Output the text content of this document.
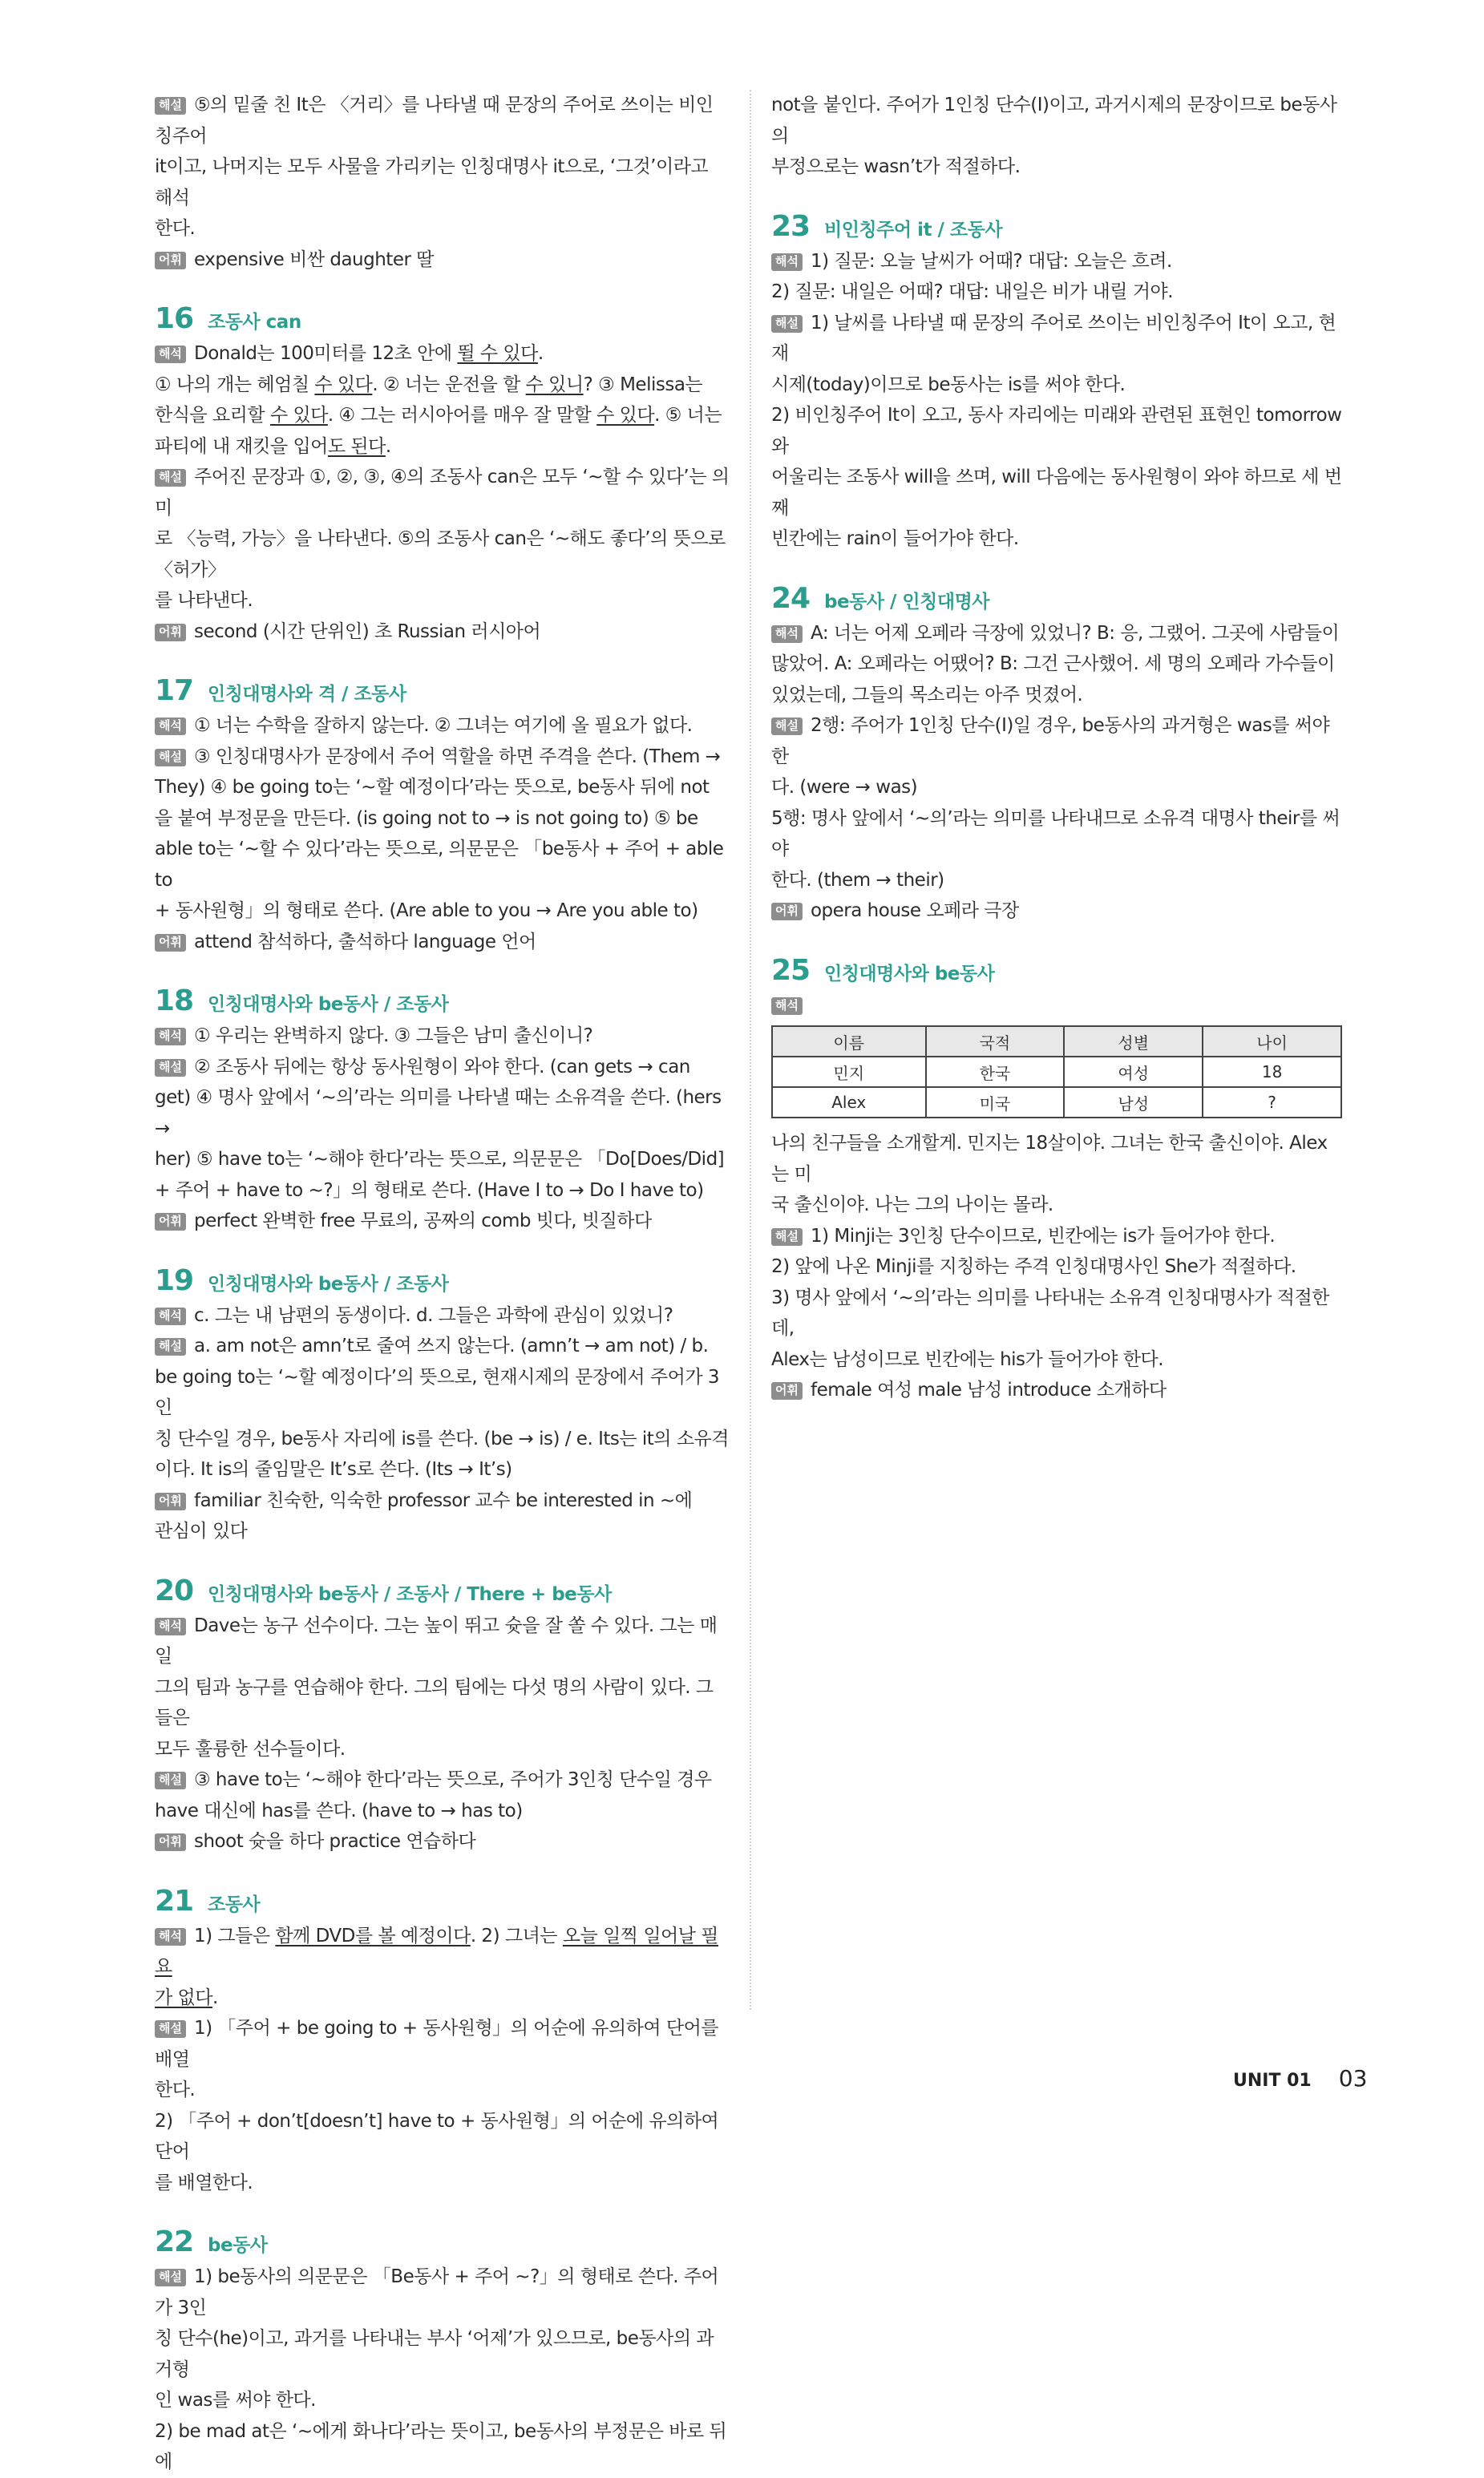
해설 ⑤의 밑줄 친 It은 〈거리〉를 나타낼 때 문장의 주어로 쓰이는 비인칭주어

it이고, 나머지는 모두 사물을 가리키는 인칭대명사 it으로, ‘그것’이라고 해석

한다.

어휘 expensive 비싼 daughter 딸

16 조동사 can

해석 Donald는 100미터를 12초 안에 뛸 수 있다.

① 나의 개는 헤엄칠 수 있다. ② 너는 운전을 할 수 있니? ③ Melissa는

한식을 요리할 수 있다. ④ 그는 러시아어를 매우 잘 말할 수 있다. ⑤ 너는

파티에 내 재킷을 입어도 된다.

해설 주어진 문장과 ①, ②, ③, ④의 조동사 can은 모두 ‘~할 수 있다’는 의미

로 〈능력, 가능〉을 나타낸다. ⑤의 조동사 can은 ‘~해도 좋다’의 뜻으로 〈허가〉

를 나타낸다.

어휘 second (시간 단위인) 초 Russian 러시아어

17 인칭대명사와 격 / 조동사

해석 ① 너는 수학을 잘하지 않는다. ② 그녀는 여기에 올 필요가 없다.

해설 ③ 인칭대명사가 문장에서 주어 역할을 하면 주격을 쓴다. (Them →

They) ④ be going to는 ‘~할 예정이다’라는 뜻으로, be동사 뒤에 not

을 붙여 부정문을 만든다. (is going not to → is not going to) ⑤ be

able to는 ‘~할 수 있다’라는 뜻으로, 의문문은 「be동사 + 주어 + able to

+ 동사원형」의 형태로 쓴다. (Are able to you → Are you able to)

어휘 attend 참석하다, 출석하다 language 언어

18 인칭대명사와 be동사 / 조동사

해석 ① 우리는 완벽하지 않다. ③ 그들은 남미 출신이니?

해설 ② 조동사 뒤에는 항상 동사원형이 와야 한다. (can gets → can

get) ④ 명사 앞에서 ‘~의’라는 의미를 나타낼 때는 소유격을 쓴다. (hers →

her) ⑤ have to는 ‘~해야 한다’라는 뜻으로, 의문문은 「Do[Does/Did]

+ 주어 + have to ~?」의 형태로 쓴다. (Have I to → Do I have to)

어휘 perfect 완벽한 free 무료의, 공짜의 comb 빗다, 빗질하다

19 인칭대명사와 be동사 / 조동사

해석 c. 그는 내 남편의 동생이다. d. 그들은 과학에 관심이 있었니?

해설 a. am not은 amn’t로 줄여 쓰지 않는다. (amn’t → am not) / b.

be going to는 ‘~할 예정이다’의 뜻으로, 현재시제의 문장에서 주어가 3인

칭 단수일 경우, be동사 자리에 is를 쓴다. (be → is) / e. Its는 it의 소유격

이다. It is의 줄임말은 It’s로 쓴다. (Its → It’s)

어휘 familiar 친숙한, 익숙한 professor 교수 be interested in ~에

관심이 있다

20 인칭대명사와 be동사 / 조동사 / There + be동사

해석 Dave는 농구 선수이다. 그는 높이 뛰고 슛을 잘 쏠 수 있다. 그는 매일

그의 팀과 농구를 연습해야 한다. 그의 팀에는 다섯 명의 사람이 있다. 그들은

모두 훌륭한 선수들이다.

해설 ③ have to는 ‘~해야 한다’라는 뜻으로, 주어가 3인칭 단수일 경우

have 대신에 has를 쓴다. (have to → has to)

어휘 shoot 슛을 하다 practice 연습하다

21 조동사

해석 1) 그들은 함께 DVD를 볼 예정이다. 2) 그녀는 오늘 일찍 일어날 필요

가 없다.

해설 1) 「주어 + be going to + 동사원형」의 어순에 유의하여 단어를 배열

한다.

2) 「주어 + don’t[doesn’t] have to + 동사원형」의 어순에 유의하여 단어

를 배열한다.

22 be동사

해설 1) be동사의 의문문은 「Be동사 + 주어 ~?」의 형태로 쓴다. 주어가 3인

칭 단수(he)이고, 과거를 나타내는 부사 ‘어제’가 있으므로, be동사의 과거형

인 was를 써야 한다.

2) be mad at은 ‘~에게 화나다’라는 뜻이고, be동사의 부정문은 바로 뒤에

not을 붙인다. 주어가 1인칭 단수(I)이고, 과거시제의 문장이므로 be동사의

부정으로는 wasn’t가 적절하다.

23 비인칭주어 it / 조동사

해석 1) 질문: 오늘 날씨가 어때? 대답: 오늘은 흐려.

2) 질문: 내일은 어때? 대답: 내일은 비가 내릴 거야.

해설 1) 날씨를 나타낼 때 문장의 주어로 쓰이는 비인칭주어 It이 오고, 현재

시제(today)이므로 be동사는 is를 써야 한다.

2) 비인칭주어 It이 오고, 동사 자리에는 미래와 관련된 표현인 tomorrow와

어울리는 조동사 will을 쓰며, will 다음에는 동사원형이 와야 하므로 세 번째

빈칸에는 rain이 들어가야 한다.

24 be동사 / 인칭대명사

해석 A: 너는 어제 오페라 극장에 있었니? B: 응, 그랬어. 그곳에 사람들이

많았어. A: 오페라는 어땠어? B: 그건 근사했어. 세 명의 오페라 가수들이

있었는데, 그들의 목소리는 아주 멋졌어.

해설 2행: 주어가 1인칭 단수(I)일 경우, be동사의 과거형은 was를 써야 한

다. (were → was)

5행: 명사 앞에서 ‘~의’라는 의미를 나타내므로 소유격 대명사 their를 써야

한다. (them → their)

어휘 opera house 오페라 극장

25 인칭대명사와 be동사

해석

이름	국적	성별	나이
민지	한국	여성	18
Alex	미국	남성	?

나의 친구들을 소개할게. 민지는 18살이야. 그녀는 한국 출신이야. Alex는 미

국 출신이야. 나는 그의 나이는 몰라.

해설 1) Minji는 3인칭 단수이므로, 빈칸에는 is가 들어가야 한다.

2) 앞에 나온 Minji를 지칭하는 주격 인칭대명사인 She가 적절하다.

3) 명사 앞에서 ‘~의’라는 의미를 나타내는 소유격 인칭대명사가 적절한데,

Alex는 남성이므로 빈칸에는 his가 들어가야 한다.

어휘 female 여성 male 남성 introduce 소개하다

UNIT 01 03
